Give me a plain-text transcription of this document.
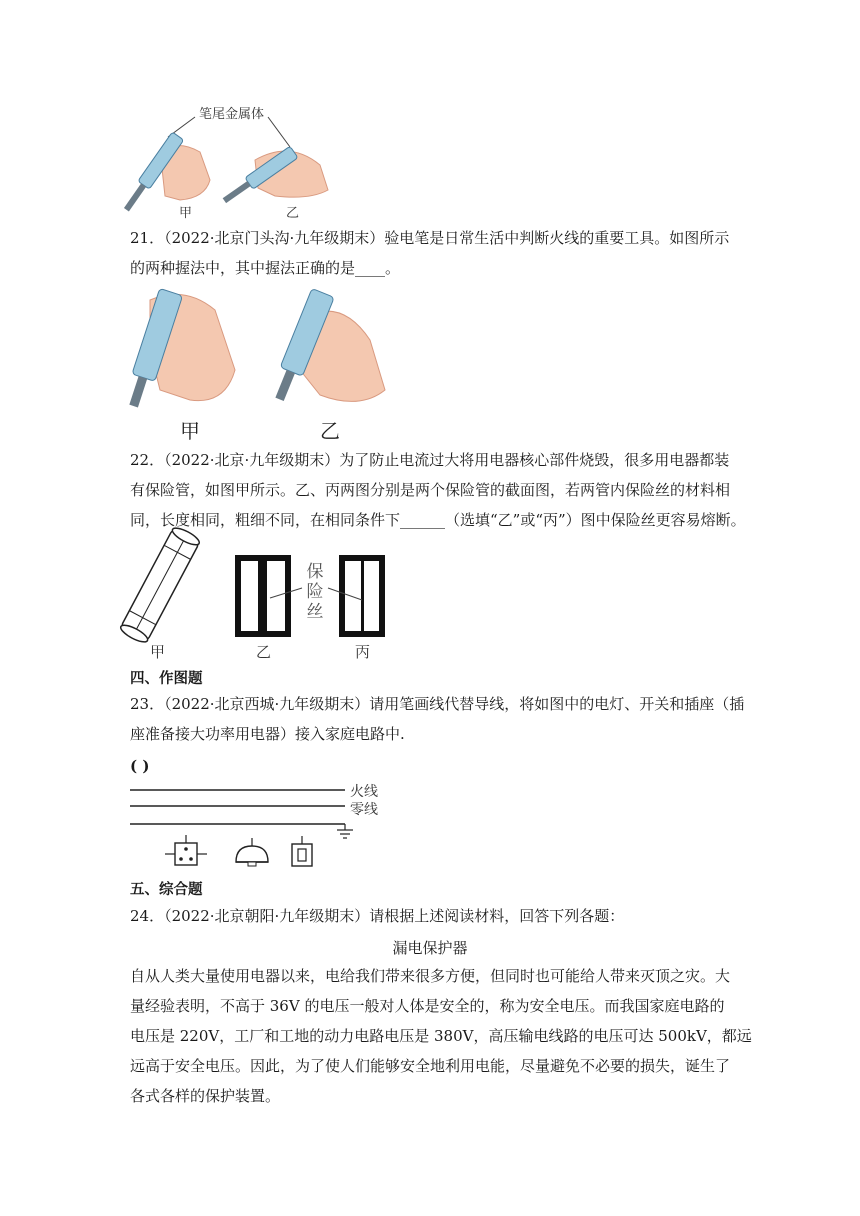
笔尾金属体
甲	乙
21．（2022·北京门头沟·九年级期末）验电笔是日常生活中判断火线的重要工具。如图所示
的两种握法中，其中握法正确的是____。
甲	乙
22．（2022·北京·九年级期末）为了防止电流过大将用电器核心部件烧毁，很多用电器都装
有保险管，如图甲所示。乙、丙两图分别是两个保险管的截面图，若两管内保险丝的材料相
同，长度相同，粗细不同，在相同条件下______（选填“乙”或“丙”）图中保险丝更容易熔断。
保
险
丝
甲	乙	丙
四、作图题
23．（2022·北京西城·九年级期末）请用笔画线代替导线，将如图中的电灯、开关和插座（插
座准备接大功率用电器）接入家庭电路中.
( )
火线
零线
五、综合题
24．（2022·北京朝阳·九年级期末）请根据上述阅读材料，回答下列各题：
漏电保护器
自从人类大量使用电器以来，电给我们带来很多方便，但同时也可能给人带来灭顶之灾。大
量经验表明，不高于 36V 的电压一般对人体是安全的，称为安全电压。而我国家庭电路的
电压是 220V，工厂和工地的动力电路电压是 380V，高压输电线路的电压可达 500kV，都远
远高于安全电压。因此，为了使人们能够安全地利用电能，尽量避免不必要的损失，诞生了
各式各样的保护装置。
